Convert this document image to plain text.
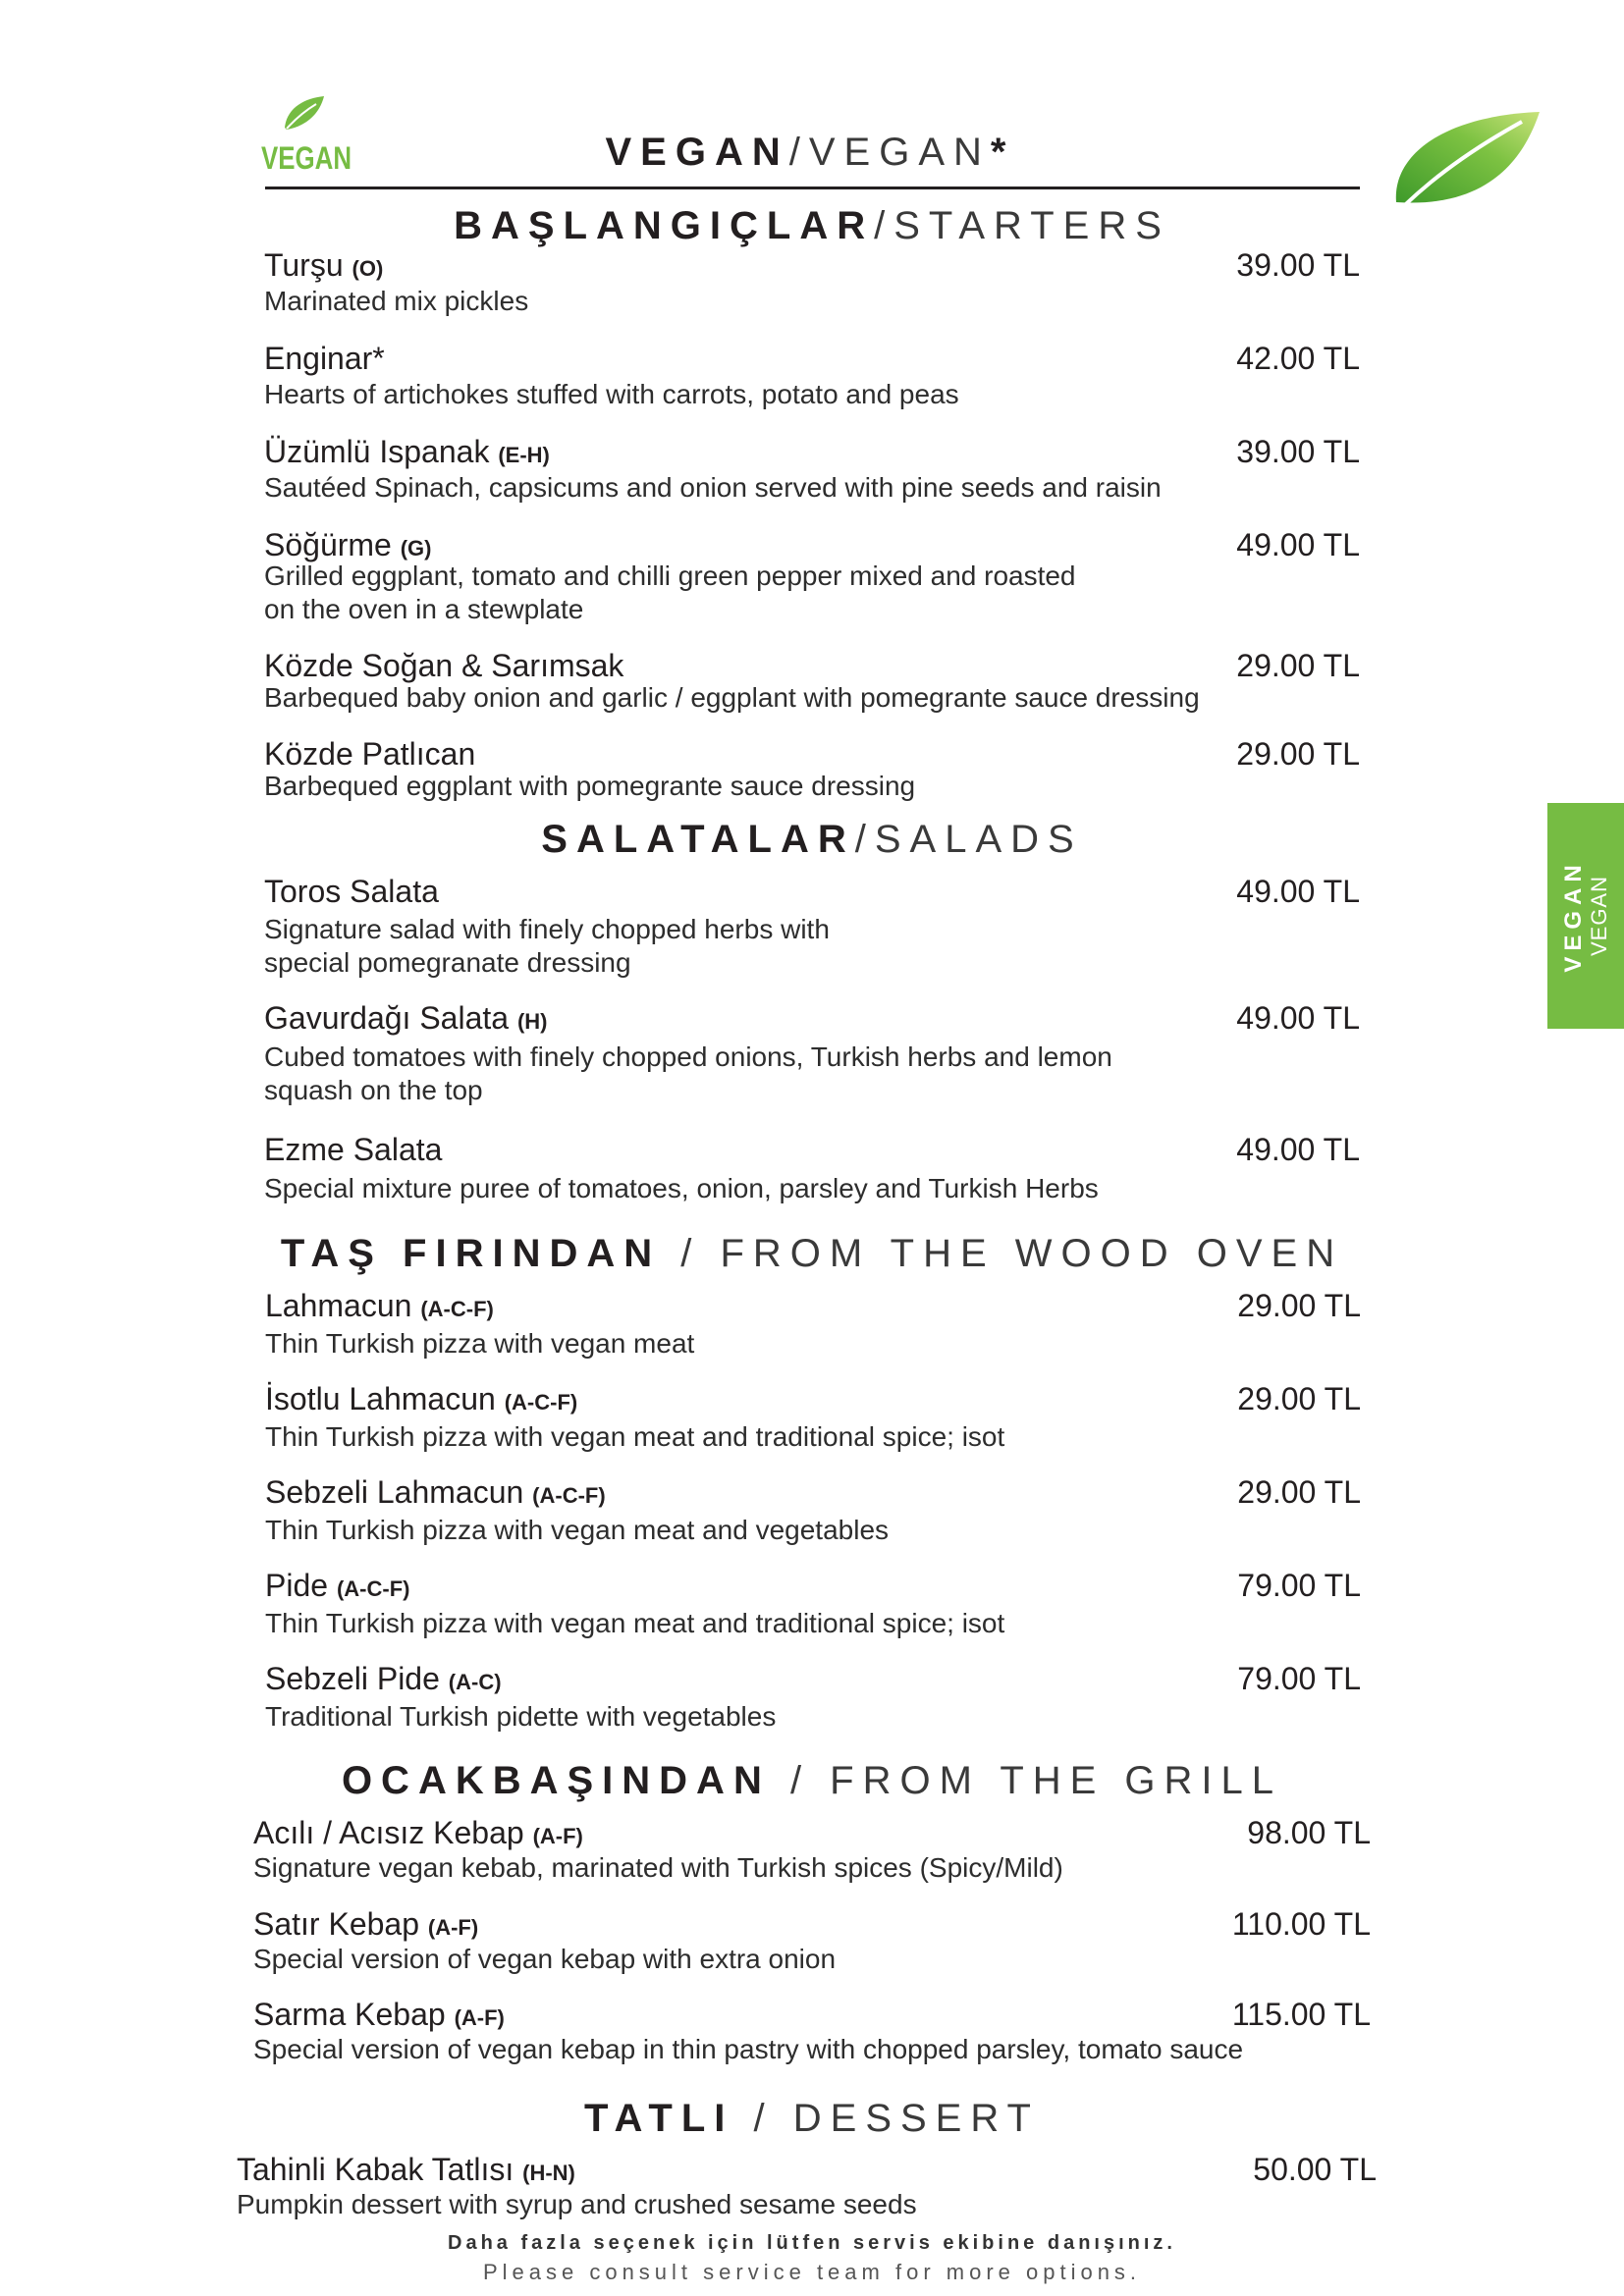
VEGAN	VEGAN/VEGAN*
BAŞLANGIÇLAR/STARTERS
Turşu (O)	39.00 TL
Marinated mix pickles
Enginar*	42.00 TL
Hearts of artichokes stuffed with carrots, potato and peas
Üzümlü Ispanak (E-H)	39.00 TL
Sautéed Spinach, capsicums and onion served with pine seeds and raisin
Söğürme (G)	49.00 TL
Grilled eggplant, tomato and chilli green pepper mixed and roasted
on the oven in a stewplate
Közde Soğan & Sarımsak	29.00 TL
Barbequed baby onion and garlic / eggplant with pomegrante sauce dressing
Közde Patlıcan	29.00 TL
Barbequed eggplant with pomegrante sauce dressing
SALATALAR/SALADS
Toros Salata	49.00 TL
Signature salad with finely chopped herbs with
special pomegranate dressing
Gavurdağı Salata (H)	49.00 TL
Cubed tomatoes with finely chopped onions, Turkish herbs and lemon
squash on the top
Ezme Salata	49.00 TL
Special mixture puree of tomatoes, onion, parsley and Turkish Herbs
TAŞ FIRINDAN / FROM THE WOOD OVEN
Lahmacun (A-C-F)	29.00 TL
Thin Turkish pizza with vegan meat
İsotlu Lahmacun (A-C-F)	29.00 TL
Thin Turkish pizza with vegan meat and traditional spice; isot
Sebzeli Lahmacun (A-C-F)	29.00 TL
Thin Turkish pizza with vegan meat and vegetables
Pide (A-C-F)	79.00 TL
Thin Turkish pizza with vegan meat and traditional spice; isot
Sebzeli Pide (A-C)	79.00 TL
Traditional Turkish pidette with vegetables
OCAKBAŞINDAN / FROM THE GRILL
Acılı / Acısız Kebap (A-F)	98.00 TL
Signature vegan kebab, marinated with Turkish spices (Spicy/Mild)
Satır Kebap (A-F)	110.00 TL
Special version of vegan kebap with extra onion
Sarma Kebap (A-F)	115.00 TL
Special version of vegan kebap in thin pastry with chopped parsley, tomato sauce
TATLI / DESSERT
Tahinli Kabak Tatlısı (H-N)	50.00 TL
Pumpkin dessert with syrup and crushed sesame seeds
VEGAN VEGAN
Daha fazla seçenek için lütfen servis ekibine danışınız.
Please consult service team for more options.
